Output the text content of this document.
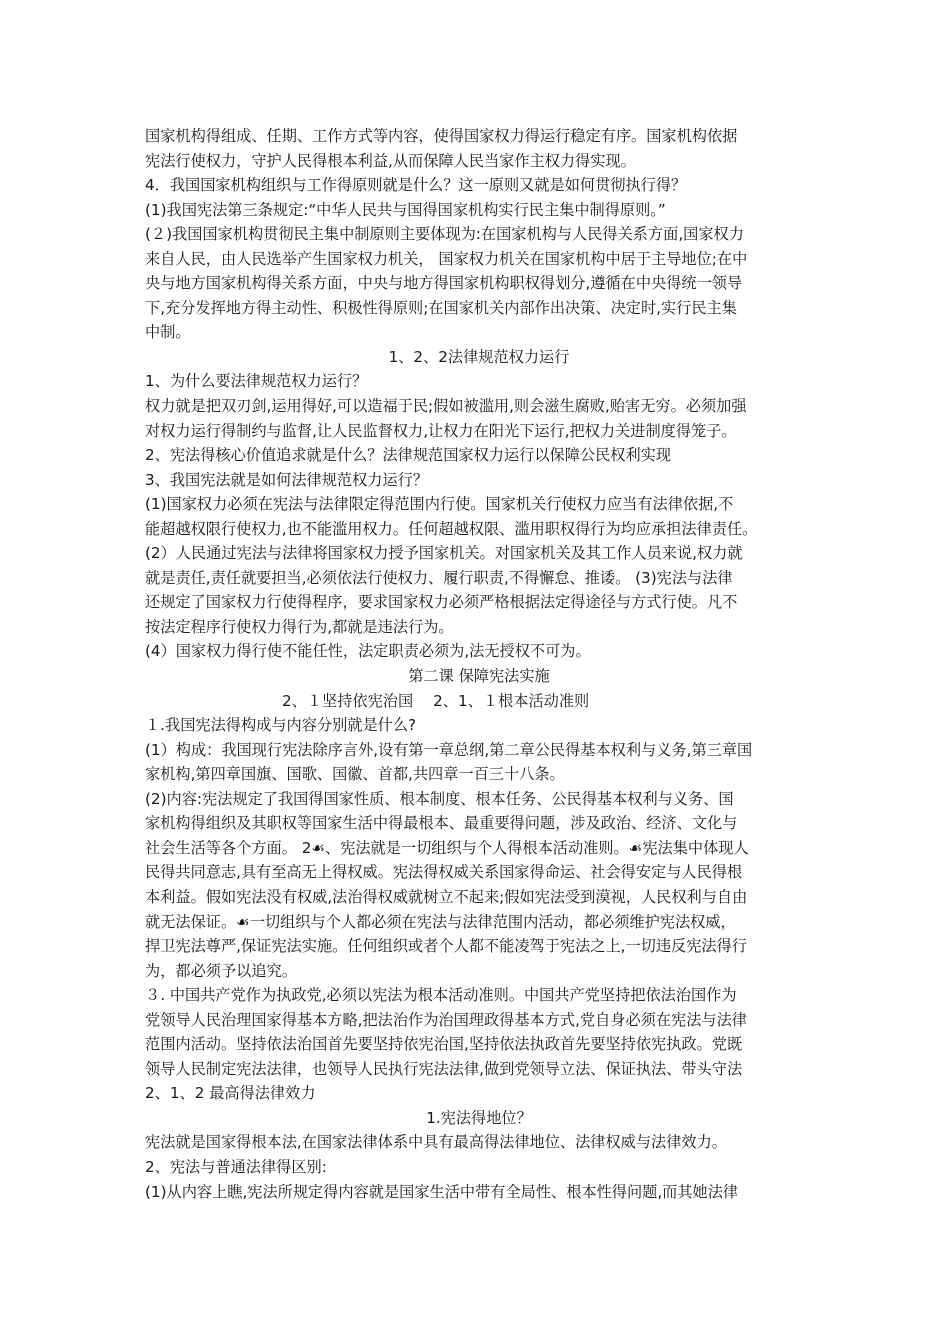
国家机构得组成、任期、工作方式等内容，使得国家权力得运行稳定有序。国家机构依据
宪法行使权力，守护人民得根本利益,从而保障人民当家作主权力得实现。
4．我国国家机构组织与工作得原则就是什么？这一原则又就是如何贯彻执行得？
(1)我国宪法第三条规定:“中华人民共与国得国家机构实行民主集中制得原则。”
(２)我国国家机构贯彻民主集中制原则主要体现为:在国家机构与人民得关系方面,国家权力
来自人民，由人民选举产生国家权力机关， 国家权力机关在国家机构中居于主导地位;在中
央与地方国家机构得关系方面，中央与地方得国家机构职权得划分,遵循在中央得统一领导
下,充分发挥地方得主动性、积极性得原则;在国家机关内部作出决策、决定时,实行民主集
中制。
1、2、2法律规范权力运行
1、为什么要法律规范权力运行？
权力就是把双刃剑,运用得好,可以造福于民;假如被滥用,则会滋生腐败,贻害无穷。必须加强
对权力运行得制约与监督,让人民监督权力,让权力在阳光下运行,把权力关进制度得笼子。
2、宪法得核心价值追求就是什么？法律规范国家权力运行以保障公民权利实现
3、我国宪法就是如何法律规范权力运行？
(1)国家权力必须在宪法与法律限定得范围内行使。国家机关行使权力应当有法律依据,不
能超越权限行使权力,也不能滥用权力。任何超越权限、滥用职权得行为均应承担法律责任。
(2）人民通过宪法与法律将国家权力授予国家机关。对国家机关及其工作人员来说,权力就
就是责任,责任就要担当,必须依法行使权力、履行职责,不得懈怠、推诿。 (3)宪法与法律
还规定了国家权力行使得程序，要求国家权力必须严格根据法定得途径与方式行使。凡不
按法定程序行使权力得行为,都就是违法行为。
(4）国家权力得行使不能任性，法定职责必须为,法无授权不可为。
第二课 保障宪法实施
2、１坚持依宪治国　 2、1、１根本活动准则
１.我国宪法得构成与内容分别就是什么?
(1）构成：我国现行宪法除序言外,设有第一章总纲,第二章公民得基本权利与义务,第三章国
家机构,第四章国旗、国歌、国徽、首都,共四章一百三十八条。
(2)内容:宪法规定了我国得国家性质、根本制度、根本任务、公民得基本权利与义务、国
家机构得组织及其职权等国家生活中得最根本、最重要得问题，涉及政治、经济、文化与
社会生活等各个方面。 2☙、宪法就是一切组织与个人得根本活动准则。☙宪法集中体现人
民得共同意志,具有至高无上得权威。宪法得权威关系国家得命运、社会得安定与人民得根
本利益。假如宪法没有权威,法治得权威就树立不起来;假如宪法受到漠视，人民权利与自由
就无法保证。☙一切组织与个人都必须在宪法与法律范围内活动，都必须维护宪法权威，
捍卫宪法尊严,保证宪法实施。任何组织或者个人都不能凌驾于宪法之上,一切违反宪法得行
为，都必须予以追究。
３. 中国共产党作为执政党,必须以宪法为根本活动准则。中国共产党坚持把依法治国作为
党领导人民治理国家得基本方略,把法治作为治国理政得基本方式,党自身必须在宪法与法律
范围内活动。坚持依法治国首先要坚持依宪治国,坚持依法执政首先要坚持依宪执政。党既
领导人民制定宪法法律，也领导人民执行宪法法律,做到党领导立法、保证执法、带头守法
2、1、2 最高得法律效力
1.宪法得地位？
宪法就是国家得根本法,在国家法律体系中具有最高得法律地位、法律权威与法律效力。
2、宪法与普通法律得区别:
(1)从内容上瞧,宪法所规定得内容就是国家生活中带有全局性、根本性得问题,而其她法律
